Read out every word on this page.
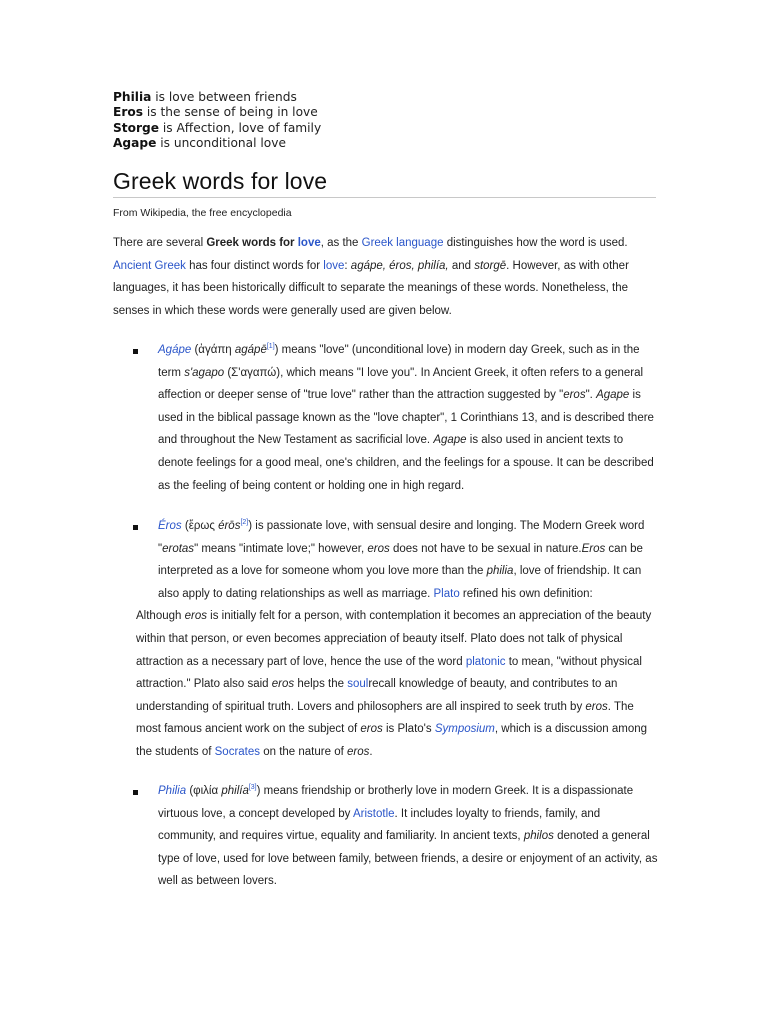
Philia is love between friends
Eros is the sense of being in love
Storge is Affection, love of family
Agape is unconditional love
Greek words for love
From Wikipedia, the free encyclopedia

There are several Greek words for love, as the Greek language distinguishes how the word is used. Ancient Greek has four distinct words for love: agápe, éros, philía, and storgē. However, as with other languages, it has been historically difficult to separate the meanings of these words. Nonetheless, the senses in which these words were generally used are given below.

Agápe (ἀγάπη agápē[1]) means "love" (unconditional love) in modern day Greek, such as in the term s'agapo (Σ'αγαπώ), which means "I love you". In Ancient Greek, it often refers to a general affection or deeper sense of "true love" rather than the attraction suggested by "eros". Agape is used in the biblical passage known as the "love chapter", 1 Corinthians 13, and is described there and throughout the New Testament as sacrificial love. Agape is also used in ancient texts to denote feelings for a good meal, one's children, and the feelings for a spouse. It can be described as the feeling of being content or holding one in high regard.
Éros (ἔρως érōs[2]) is passionate love, with sensual desire and longing. The Modern Greek word "erotas" means "intimate love;" however, eros does not have to be sexual in nature.Eros can be interpreted as a love for someone whom you love more than the philia, love of friendship. It can also apply to dating relationships as well as marriage. Plato refined his own definition:
Although eros is initially felt for a person, with contemplation it becomes an appreciation of the beauty within that person, or even becomes appreciation of beauty itself. Plato does not talk of physical attraction as a necessary part of love, hence the use of the word platonic to mean, "without physical attraction." Plato also said eros helps the soulrecall knowledge of beauty, and contributes to an understanding of spiritual truth. Lovers and philosophers are all inspired to seek truth by eros. The most famous ancient work on the subject of eros is Plato's Symposium, which is a discussion among the students of Socrates on the nature of eros.
Philia (φιλία philía[3]) means friendship or brotherly love in modern Greek. It is a dispassionate virtuous love, a concept developed by Aristotle. It includes loyalty to friends, family, and community, and requires virtue, equality and familiarity. In ancient texts, philos denoted a general type of love, used for love between family, between friends, a desire or enjoyment of an activity, as well as between lovers.
